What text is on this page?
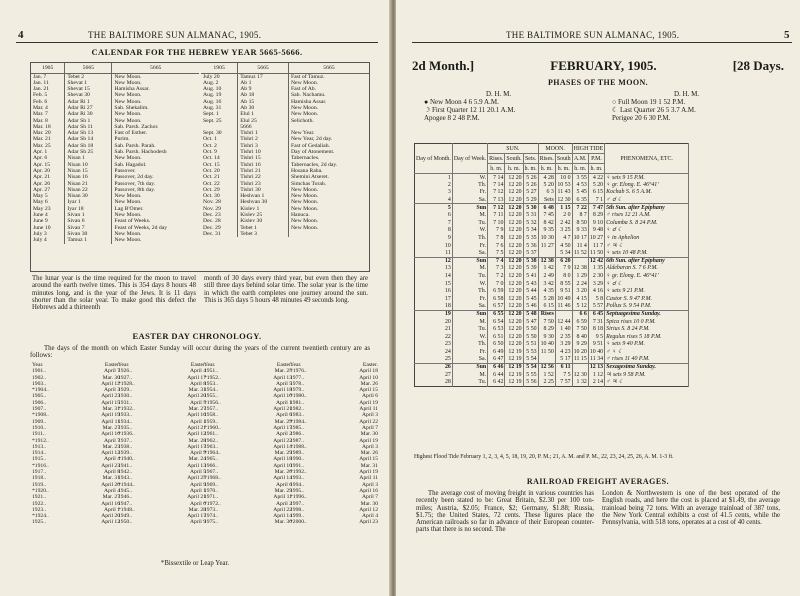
4	THE BALTIMORE SUN ALMANAC, 1905.
CALENDAR FOR THE HEBREW YEAR 5665-5666.
1905	5665	5665
Jan. 7	Tebet 2	New Moon.
Jan. 11	Shevat 1	New Moon.
Jan. 21	Shevat 15	Hamisha Assar.
Feb. 5	Shevat 30	New Moon.
Feb. 6	Adar Ri 1	New Moon.
Mar. 4	Adar Ri 27	Sab. Shekalim.
Mar. 7	Adar Ri 30	New Moon.
Mar. 8	Adar Sh 1	New Moon.
Mar. 18	Adar Sh 11	Sab. Parsh. Zachor.
Mar. 20	Adar Sh 13	Fast of Esther.
Mar. 21	Adar Sh 14	Purim.
Mar. 25	Adar Sh 18	Sab. Parsh. Parah.
Apr. 1	Adar Sh 25	Sab. Parsh. Hachodesh
Apr. 6	Nisan 1	New Moon.
Apr. 15	Nisan 10	Sab. Hagadol.
Apr. 20	Nisan 15	Passover.
Apr. 21	Nisan 16	Passover, 2d day.
Apr. 26	Nisan 21	Passover, 7th day.
Apr. 27	Nisan 22	Passover, 8th day.
May 5	Nisan 30	New Moon.
May 6	Iyar 1	New Moon.
May 23	Iyar 18	Lag B'Omer.
June 4	Sivan 1	New Moon.
June 9	Sivan 6	Feast of Weeks.
June 10	Sivan 7	Feast of Weeks, 2d day
July 3	Sivan 30	New Moon.
July 4	Tamuz 1	New Moon.
1905	5665	5665
July 20	Tamuz 17	Fast of Tamuz.
Aug. 2	Ab 1	New Moon.
Aug. 10	Ab 9	Fast of Ab.
Aug. 19	Ab 18	Sab. Nachamu.
Aug. 16	Ab 15	Hamisha Assar.
Aug. 31	Ab 30	New Moon.
Sept. 1	Elul 1	New Moon.
Sept. 25	Elul 25	Selichoth.
	5666	
Sept. 30	Tishri 1	New Year.
Oct. 1	Tishri 2	New Year, 2d day.
Oct. 2	Tishri 3	Fast of Gedaliah.
Oct. 9	Tishri 10	Day of Atonement.
Oct. 14	Tishri 15	Tabernacles.
Oct. 15	Tishri 16	Tabernacles, 2d day.
Oct. 20	Tishri 21	Hosana Raba.
Oct. 21	Tishri 22	Shemini Atseret.
Oct. 22	Tishri 23	Simchas Torah.
Oct. 29	Tishri 30	New Moon.
Oct. 30	Heshvan 1	New Moon.
Nov. 28	Heshvan 30	New Moon.
Nov. 29	Kislev 1	New Moon.
Dec. 23	Kislev 25	Hanuca.
Dec. 28	Kislev 30	New Moon.
Dec. 29	Tebet 1	New Moon.
Dec. 31	Tebet 3	
The lunar year is the time required for the moon to travel around the earth twelve times. This is 354 days 8 hours 48 minutes long, and is the year of the Jews. It is 11 days shorter than the solar year. To make good this defect the Hebrews add a thirteenth
month of 30 days every third year, but even then they are still three days behind solar time. The solar year is the time in which the earth completes one journey around the sun. This is 365 days 5 hours 48 minutes 49 seconds long.
EASTER DAY CHRONOLOGY.
The days of the month on which Easter Sunday will occur during the years of the current twentieth century are as follows:
Year.	Easter.
1901..	April 7
1902..	Mar. 30
1903..	April 12
*1904..	April 3
1905..	April 23
1906..	April 15
1907..	Mar. 31
*1908..	April 19
1909..	April 11
1910..	Mar. 27
1911..	April 16
*1912..	April 7
1913..	Mar. 23
1914..	April 12
1915..	April 4
*1916..	April 23
1917..	April 8
1918..	Mar. 31
1919..	April 20
*1920..	April 4
1921..	Mar. 27
1922..	April 16
1923..	April 1
*1924..	April 20
1925..	April 12
Year.	Easter.
1926..	April 4
1927..	April 17
*1928..	April 8
1929..	Mar. 31
1930..	April 20
1931..	April 5
*1932..	Mar. 27
1933..	April 16
1934..	April 1
1935..	April 21
*1936..	April 12
1937..	Mar. 28
1938..	April 17
1939..	April 9
*1940..	Mar. 24
1941..	April 13
1942..	April 5
1943..	April 25
*1944..	April 9
1945..	April 1
1946..	April 21
1947..	April 6
*1948..	Mar. 28
1949..	April 17
1950..	April 9
Year.	Easter.
1951..	Mar. 25
*1952..	April 13
1953..	April 5
1954..	April 18
1955..	April 10
*1956..	April 1
1957..	April 21
1958..	April 6
1959..	Mar. 29
*1960..	April 17
1961..	April 2
1962..	April 22
1963..	April 14
*1964..	Mar. 29
1965..	April 18
1966..	April 10
1967..	Mar. 26
*1968..	April 14
1969..	April 6
1970..	Mar. 29
1971..	April 11
*1972..	April 2
1973..	April 22
1974..	April 14
1975..	Mar. 30
Year.	Easter.
*1976..	April 18
1977..	April 10
1978..	Mar. 26
1979..	April 15
*1980..	April 6
1981..	April 19
1982..	April 11
1983..	April 3
*1984..	April 22
1985..	April 7
1986..	Mar. 30
1987..	April 19
*1988..	April 3
1989..	Mar. 26
1990..	April 15
1991..	Mar. 31
*1992..	April 19
1993..	April 11
1994..	April 3
1995..	April 16
*1996..	April 7
1997..	Mar. 30
1998..	April 12
1999..	April 4
*2000..	April 23
*Bissextile or Leap Year.
THE BALTIMORE SUN ALMANAC, 1905.	5
2d Month.]	FEBRUARY, 1905.	[28 Days.
PHASES OF THE MOON.
D. H. M.
● New Moon 4 6 5.9 A.M.
☽ First Quarter 12 11 20.1 A.M.
Apogee 8 2 48 P.M.
D. H. M.
○ Full Moon 19 1 52 P.M.
☾ Last Quarter 26 5 3.7 A.M.
Perigee 20 6 30 P.M.
Day of Month.	Day of Week.	SUN.			MOON.		HIGH TIDE		PHENOMENA, ETC.
		Rises.	South.	Sets.	Rises.	South	A.M.	P.M.	
		h. m.	h. m.	h. m.	h. m.	h. m.	h. m.	h. m.	
1	W.	7 14	12 20	5 26	4 28	10 0	3 55	4 22	♀ sets 9 15 P.M.
2	Th.	7 14	12 20	5 26	5 20	10 53	4 53	5 20	♀ gr. Elong. E. 46°41'
3	Fr.	7 12	12 20	5 27	6 3	11 43	5 45	6 15	Kochab S. 6 5 A.M.
4	Sa.	7 13	12 20	5 29	Sets	12 30	6 35	7 1	♂ ☌ ☾
5	Sun	7 12	12 20	5 30	6 48	1 15	7 22	7 47	5th Sun. after Epiphany
6	M.	7 11	12 20	5 31	7 45	2 0	8 7	8 29	♂ rises 12 21 A.M.
7	Tu.	7 10	12 20	5 32	8 42	2 42	8 50	9 10	Columba S. 8 24 P.M.
8	W.	7 9	12 20	5 34	9 35	3 25	9 33	9 48	♀ ☌ ☾
9	Th.	7 8	12 20	5 35	10 30	4 7	10 17	10 27	♀ in Aphelion
10	Fr.	7 6	12 20	5 36	11 27	4 50	11 4	11 7	♂ ♃ ☾
11	Sa.	7 5	12 20	5 37		5 34	11 52	11 50	♀ sets 10 48 P.M.
12	Sun	7 4	12 20	5 38	12 38	6 20		12 42	6th Sun. after Epiphany
13	M.	7 3	12 20	5 39	1 42	7 9	12 38	1 35	Aldebaran S. 7 6 P.M.
14	Tu.	7 2	12 20	5 41	2 49	8 0	1 29	2 30	♀ gr. Elong. E. 46°41'
15	W.	7 0	12 20	5 43	3 42	8 55	2 24	3 29	♀ ☌ ☾
16	Th.	6 59	12 20	5 44	4 35	9 51	3 20	4 16	♀ sets 9 21 P.M.
17	Fr.	6 58	12 20	5 45	5 28	10 49	4 15	5 8	Castor S. 9 47 P.M.
18	Sa.	6 57	12 20	5 46	6 15	11 46	5 12	5 57	Pollux S. 9 54 P.M.
19	Sun	6 55	12 20	5 48	Rises		6 6	6 45	Septuagesima Sunday.
20	M.	6 54	12 20	5 47	7 50	12 44	6 59	7 31	Spica rises 10 0 P.M.
21	Tu.	6 53	12 20	5 50	8 29	1 40	7 50	8 18	Sirius S. 8 24 P.M.
22	W.	6 51	12 20	5 50	9 30	2 35	8 40	9 5	Regulus rises 5 18 P.M.
23	Th.	6 50	12 20	5 51	10 40	3 29	9 29	9 51	♀ sets 9 40 P.M.
24	Fr.	6 49	12 19	5 53	11 50	4 23	10 20	10 40	♂ ♀ ☾
25	Sa.	6 47	12 19	5 54		5 17	11 15	11 34	♂ rises 11 40 P.M.
26	Sun	6 46	12 19	5 54	12 56	6 11		12 13	Sexagesima Sunday.
27	M.	6 44	12 19	5 55	1 52	7 5	12 30	1 12	♃ sets 9 58 P.M.
28	Tu.	6 42	12 19	5 56	2 25	7 57	1 32	2 14	♂ ♃ ☾
Highest Flood Tide February 1, 2, 3, 4, 5, 18, 19, 20, P. M.; 21, A. M. and P. M., 22, 23, 24, 25, 26, A. M. 1-3 ft.
RAILROAD FREIGHT AVERAGES.
The average cost of moving freight in various countries has recently been stated to be: Great Britain, $2.30 per 100 ton-miles; Austria, $2.05; France, $2; Germany, $1.88; Russia, $1.75; the United States, 72 cents. These figures place the American railroads so far in advance of their European counter-parts that there is no second. The
London & Northwestern is one of the best operated of the English roads, and here the cost is placed at $1.49, the average trainload being 72 tons. With an average trainload of 387 tons, the New York Central exhibits a cost of 41.5 cents, while the Pennsylvania, with 518 tons, operates at a cost of 40 cents.
